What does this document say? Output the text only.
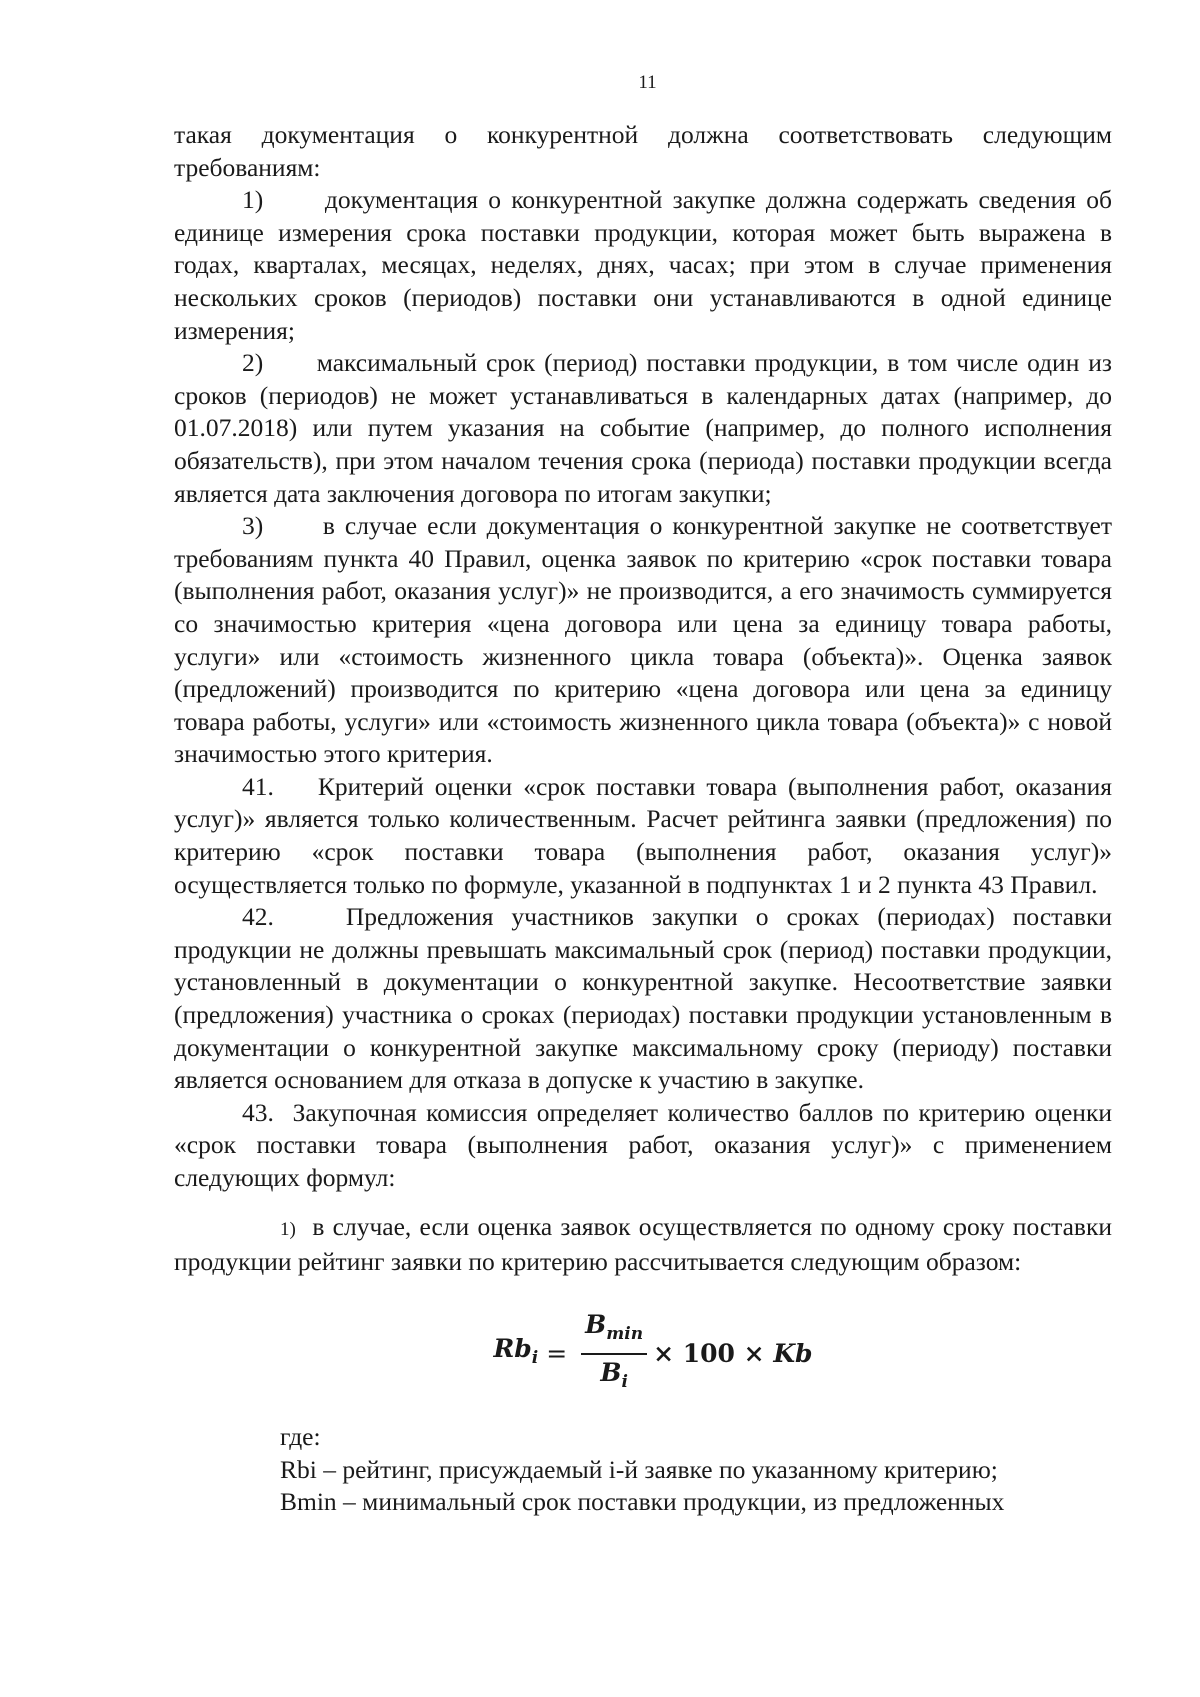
11

такая документация о конкурентной должна соответствовать следующим требованиям:

1)      документация о конкурентной закупке должна содержать сведения об единице измерения срока поставки продукции, которая может быть выражена в годах, кварталах, месяцах, неделях, днях, часах; при этом в случае применения нескольких сроков (периодов) поставки они устанавливаются в одной единице измерения;

2)      максимальный срок (период) поставки продукции, в том числе один из сроков (периодов) не может устанавливаться в календарных датах (например, до 01.07.2018) или путем указания на событие (например, до полного исполнения обязательств), при этом началом течения срока (периода) поставки продукции всегда является дата заключения договора по итогам закупки;

3)      в случае если документация о конкурентной закупке не соответствует требованиям пункта 40 Правил, оценка заявок по критерию «срок поставки товара (выполнения работ, оказания услуг)» не производится, а его значимость суммируется со значимостью критерия «цена договора или цена за единицу товара работы, услуги» или «стоимость жизненного цикла товара (объекта)». Оценка заявок (предложений) производится по критерию «цена договора или цена за единицу товара работы, услуги» или «стоимость жизненного цикла товара (объекта)» с новой значимостью этого критерия.

41.    Критерий оценки «срок поставки товара (выполнения работ, оказания услуг)» является только количественным. Расчет рейтинга заявки (предложения) по критерию «срок поставки товара (выполнения работ, оказания услуг)» осуществляется только по формуле, указанной в подпунктах 1 и 2 пункта 43 Правил.

42.    Предложения участников закупки о сроках (периодах) поставки продукции не должны превышать максимальный срок (период) поставки продукции, установленный в документации о конкурентной закупке. Несоответствие заявки (предложения) участника о сроках (периодах) поставки продукции установленным в документации о конкурентной закупке максимальному сроку (периоду) поставки является основанием для отказа в допуске к участию в закупке.

43.  Закупочная комиссия определяет количество баллов по критерию оценки «срок поставки товара (выполнения работ, оказания услуг)» с применением следующих формул:

1)  в случае, если оценка заявок осуществляется по одному сроку поставки продукции рейтинг заявки по критерию рассчитывается следующим образом:

$Rb_i = \frac{B_{min}}{B_i} \times 100 \times Kb$
где:
Rbi – рейтинг, присуждаемый i-й заявке по указанному критерию;
Bmin – минимальный срок поставки продукции, из предложенных
